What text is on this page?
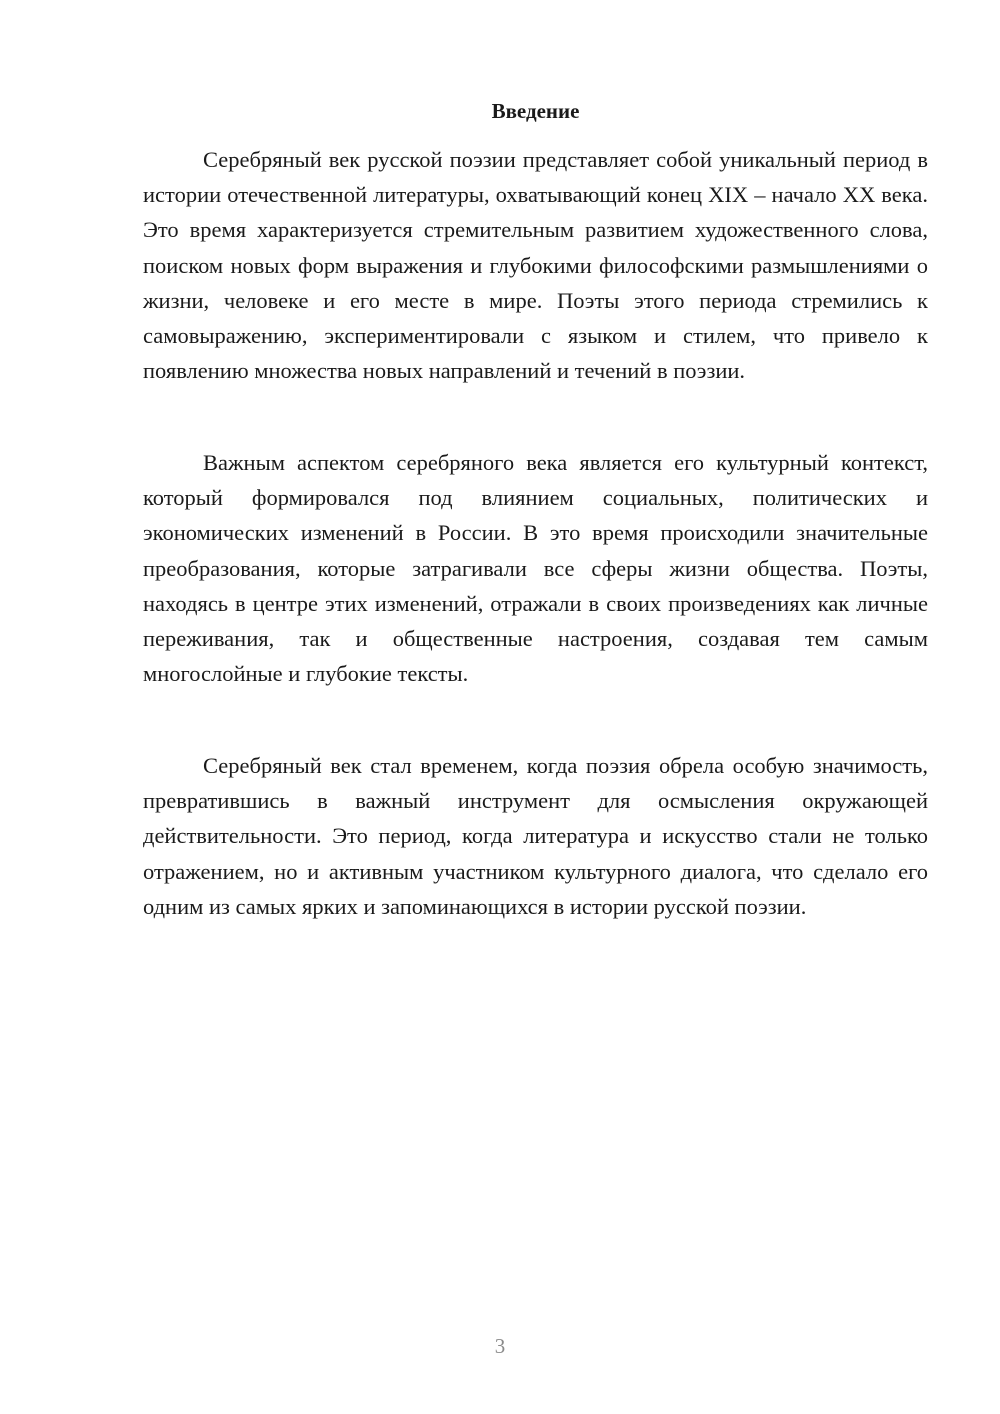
Введение

Серебряный век русской поэзии представляет собой уникальный период в истории отечественной литературы, охватывающий конец XIX – начало XX века. Это время характеризуется стремительным развитием художественного слова, поиском новых форм выражения и глубокими философскими размышлениями о жизни, человеке и его месте в мире. Поэты этого периода стремились к самовыражению, экспериментировали с языком и стилем, что привело к появлению множества новых направлений и течений в поэзии.

Важным аспектом серебряного века является его культурный контекст, который формировался под влиянием социальных, политических и экономических изменений в России. В это время происходили значительные преобразования, которые затрагивали все сферы жизни общества. Поэты, находясь в центре этих изменений, отражали в своих произведениях как личные переживания, так и общественные настроения, создавая тем самым многослойные и глубокие тексты.

Серебряный век стал временем, когда поэзия обрела особую значимость, превратившись в важный инструмент для осмысления окружающей действительности. Это период, когда литература и искусство стали не только отражением, но и активным участником культурного диалога, что сделало его одним из самых ярких и запоминающихся в истории русской поэзии.

3
